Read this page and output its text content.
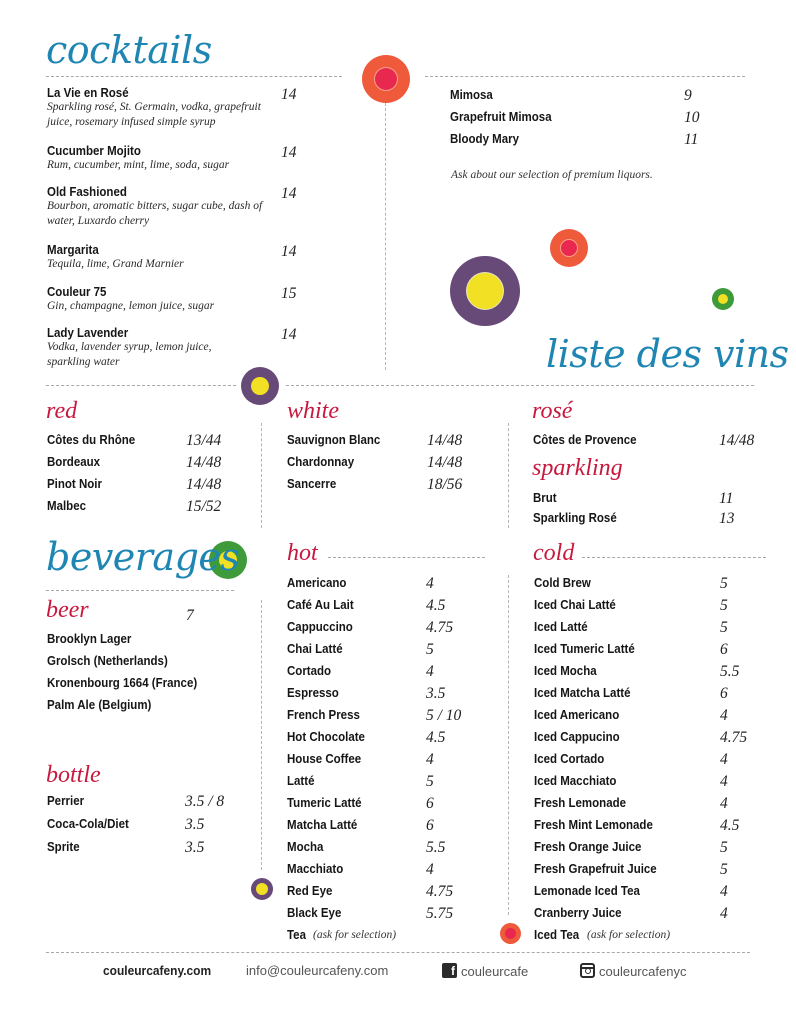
cocktails
La Vie en Rosé	14
Sparkling rosé, St. Germain, vodka, grapefruit juice, rosemary infused simple syrup
Cucumber Mojito	14
Rum, cucumber, mint, lime, soda, sugar
Old Fashioned	14
Bourbon, aromatic bitters, sugar cube, dash of water, Luxardo cherry
Margarita	14
Tequila, lime, Grand Marnier
Couleur 75	15
Gin, champagne, lemon juice, sugar
Lady Lavender	14
Vodka, lavender syrup, lemon juice, sparkling water
Mimosa	9
Grapefruit Mimosa	10
Bloody Mary	11
Ask about our selection of premium liquors.
liste des vins
red
Côtes du Rhône	13/44
Bordeaux	14/48
Pinot Noir	14/48
Malbec	15/52
white
Sauvignon Blanc	14/48
Chardonnay	14/48
Sancerre	18/56
rosé
Côtes de Provence	14/48
sparkling
Brut	11
Sparkling Rosé	13
beverages
beer	7
Brooklyn Lager
Grolsch (Netherlands)
Kronenbourg 1664 (France)
Palm Ale (Belgium)
bottle
Perrier	3.5 / 8
Coca-Cola/Diet	3.5
Sprite	3.5
hot
Americano	4
Café Au Lait	4.5
Cappuccino	4.75
Chai Latté	5
Cortado	4
Espresso	3.5
French Press	5 / 10
Hot Chocolate	4.5
House Coffee	4
Latté	5
Tumeric Latté	6
Matcha Latté	6
Mocha	5.5
Macchiato	4
Red Eye	4.75
Black Eye	5.75
Tea (ask for selection)
cold
Cold Brew	5
Iced Chai Latté	5
Iced Latté	5
Iced Tumeric Latté	6
Iced Mocha	5.5
Iced Matcha Latté	6
Iced Americano	4
Iced Cappucino	4.75
Iced Cortado	4
Iced Macchiato	4
Fresh Lemonade	4
Fresh Mint Lemonade	4.5
Fresh Orange Juice	5
Fresh Grapefruit Juice	5
Lemonade Iced Tea	4
Cranberry Juice	4
Iced Tea (ask for selection)
couleurcafeny.com	info@couleurcafeny.com	f couleurcafe	couleurcafenyc
